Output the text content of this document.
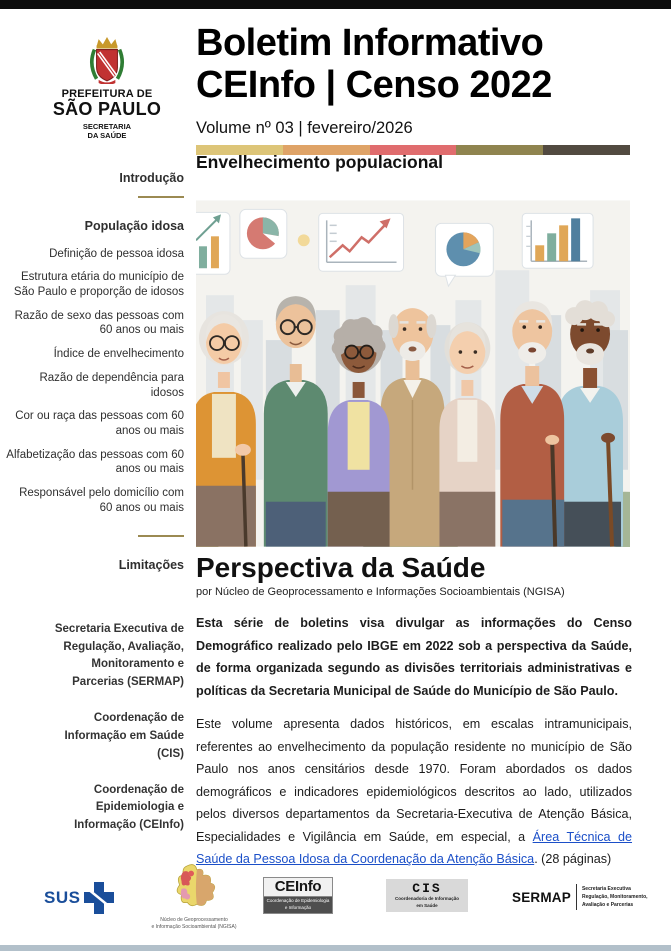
PREFEITURA DE
SÃO PAULO
SECRETARIA
DA SAÚDE
Boletim Informativo
CEInfo | Censo 2022
Volume nº 03 | fevereiro/2026
Envelhecimento populacional
Introdução
População idosa
Definição de pessoa idosa
Estrutura etária do município de São Paulo e proporção de idosos
Razão de sexo das pessoas com 60 anos ou mais
Índice de envelhecimento
Razão de dependência para idosos
Cor ou raça das pessoas com 60 anos ou mais
Alfabetização das pessoas com 60 anos ou mais
Responsável pelo domicílio com 60 anos ou mais
Limitações
Secretaria Executiva de Regulação, Avaliação, Monitoramento e Parcerias (SERMAP)
Coordenação de Informação em Saúde (CIS)
Coordenação de Epidemiologia e Informação (CEInfo)
Perspectiva da Saúde
por Núcleo de Geoprocessamento e Informações Socioambientais (NGISA)

Esta série de boletins visa divulgar as informações do Censo Demográfico realizado pelo IBGE em 2022 sob a perspectiva da Saúde, de forma organizada segundo as divisões territoriais administrativas e políticas da Secretaria Municipal de Saúde do Município de São Paulo.

Este volume apresenta dados históricos, em escalas intramunicipais, referentes ao envelhecimento da população residente no município de São Paulo nos anos censitários desde 1970. Foram abordados os dados demográficos e indicadores epidemiológicos descritos ao lado, utilizados pelos diversos departamentos da Secretaria-Executiva de Atenção Básica, Especialidades e Vigilância em Saúde, em especial, a Área Técnica de Saúde da Pessoa Idosa da Coordenação da Atenção Básica. (28 páginas)

SUS
Núcleo de Geoprocessamento
e Informação Socioambiental (NGISA)
CEInfo
Coordenação de Epidemiologia
e Informação
CIS
Coordenadoria de Informação
em Saúde
SERMAP
Secretaria Executiva
Regulação, Monitoramento,
Avaliação e Parcerias
